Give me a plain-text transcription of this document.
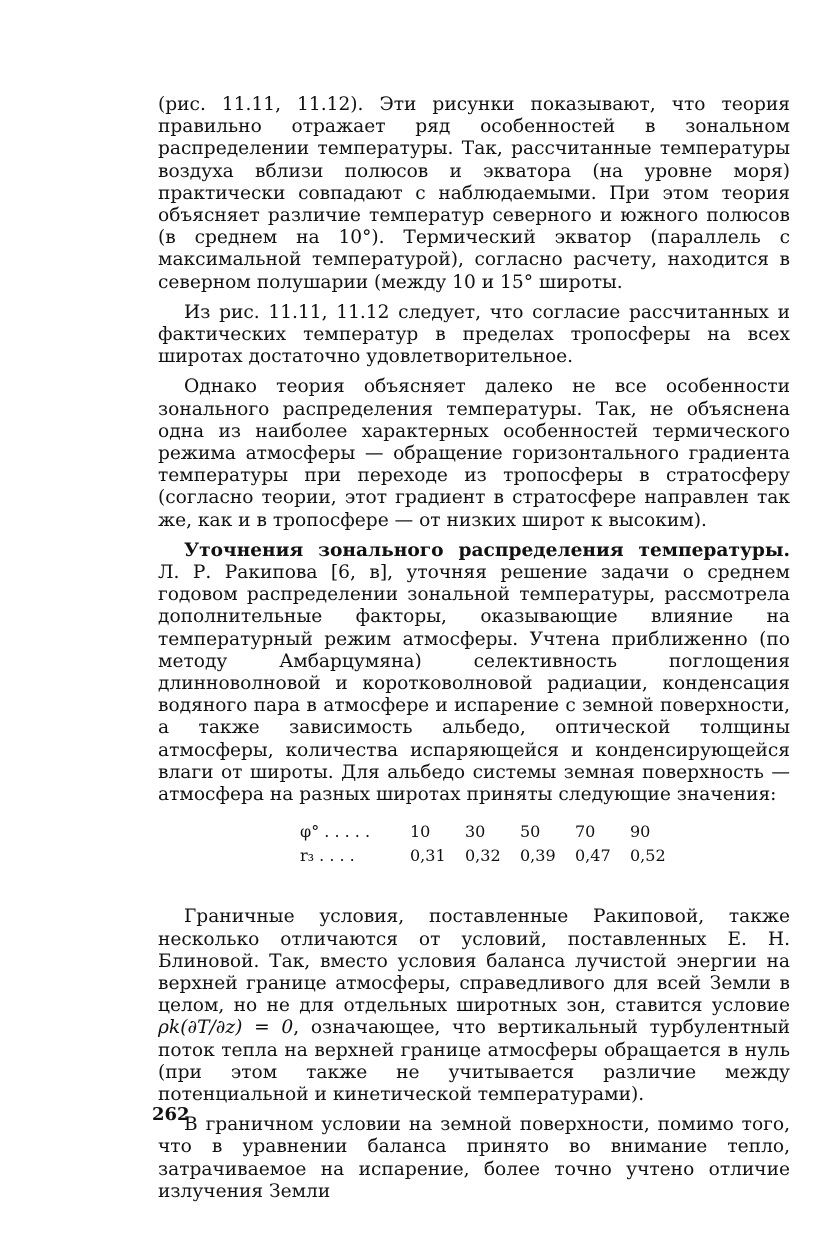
(рис. 11.11, 11.12). Эти рисунки показывают, что теория правильно отражает ряд особенностей в зональном распределении температуры. Так, рассчитанные температуры воздуха вблизи полюсов и экватора (на уровне моря) практически совпадают с наблюдаемыми. При этом теория объясняет различие температур северного и южного полюсов (в среднем на 10°). Термический экватор (параллель с максимальной температурой), согласно расчету, находится в северном полушарии (между 10 и 15° широты.

Из рис. 11.11, 11.12 следует, что согласие рассчитанных и фактических температур в пределах тропосферы на всех широтах достаточно удовлетворительное.

Однако теория объясняет далеко не все особенности зонального распределения температуры. Так, не объяснена одна из наиболее характерных особенностей термического режима атмосферы — обращение горизонтального градиента температуры при переходе из тропосферы в стратосферу (согласно теории, этот градиент в стратосфере направлен так же, как и в тропосфере — от низких широт к высоким).

Уточнения зонального распределения температуры. Л. Р. Ракипова [6, в], уточняя решение задачи о среднем годовом распределении зональной температуры, рассмотрела дополнительные факторы, оказывающие влияние на температурный режим атмосферы. Учтена приближенно (по методу Амбарцумяна) селективность поглощения длинноволновой и коротковолновой радиации, конденсация водяного пара в атмосфере и испарение с земной поверхности, а также зависимость альбедо, оптической толщины атмосферы, количества испаряющейся и конденсирующейся влаги от широты. Для альбедо системы земная поверхность — атмосфера на разных широтах приняты следующие значения:

φ° . . . . .	10	30	50	70	90
r₃ . . . .	0,31	0,32	0,39	0,47	0,52

Граничные условия, поставленные Ракиповой, также несколько отличаются от условий, поставленных Е. Н. Блиновой. Так, вместо условия баланса лучистой энергии на верхней границе атмосферы, справедливого для всей Земли в целом, но не для отдельных широтных зон, ставится условие ρk(∂T/∂z) = 0, означающее, что вертикальный турбулентный поток тепла на верхней границе атмосферы обращается в нуль (при этом также не учитывается различие между потенциальной и кинетической температурами).

В граничном условии на земной поверхности, помимо того, что в уравнении баланса принято во внимание тепло, затрачиваемое на испарение, более точно учтено отличие излучения Земли

262
